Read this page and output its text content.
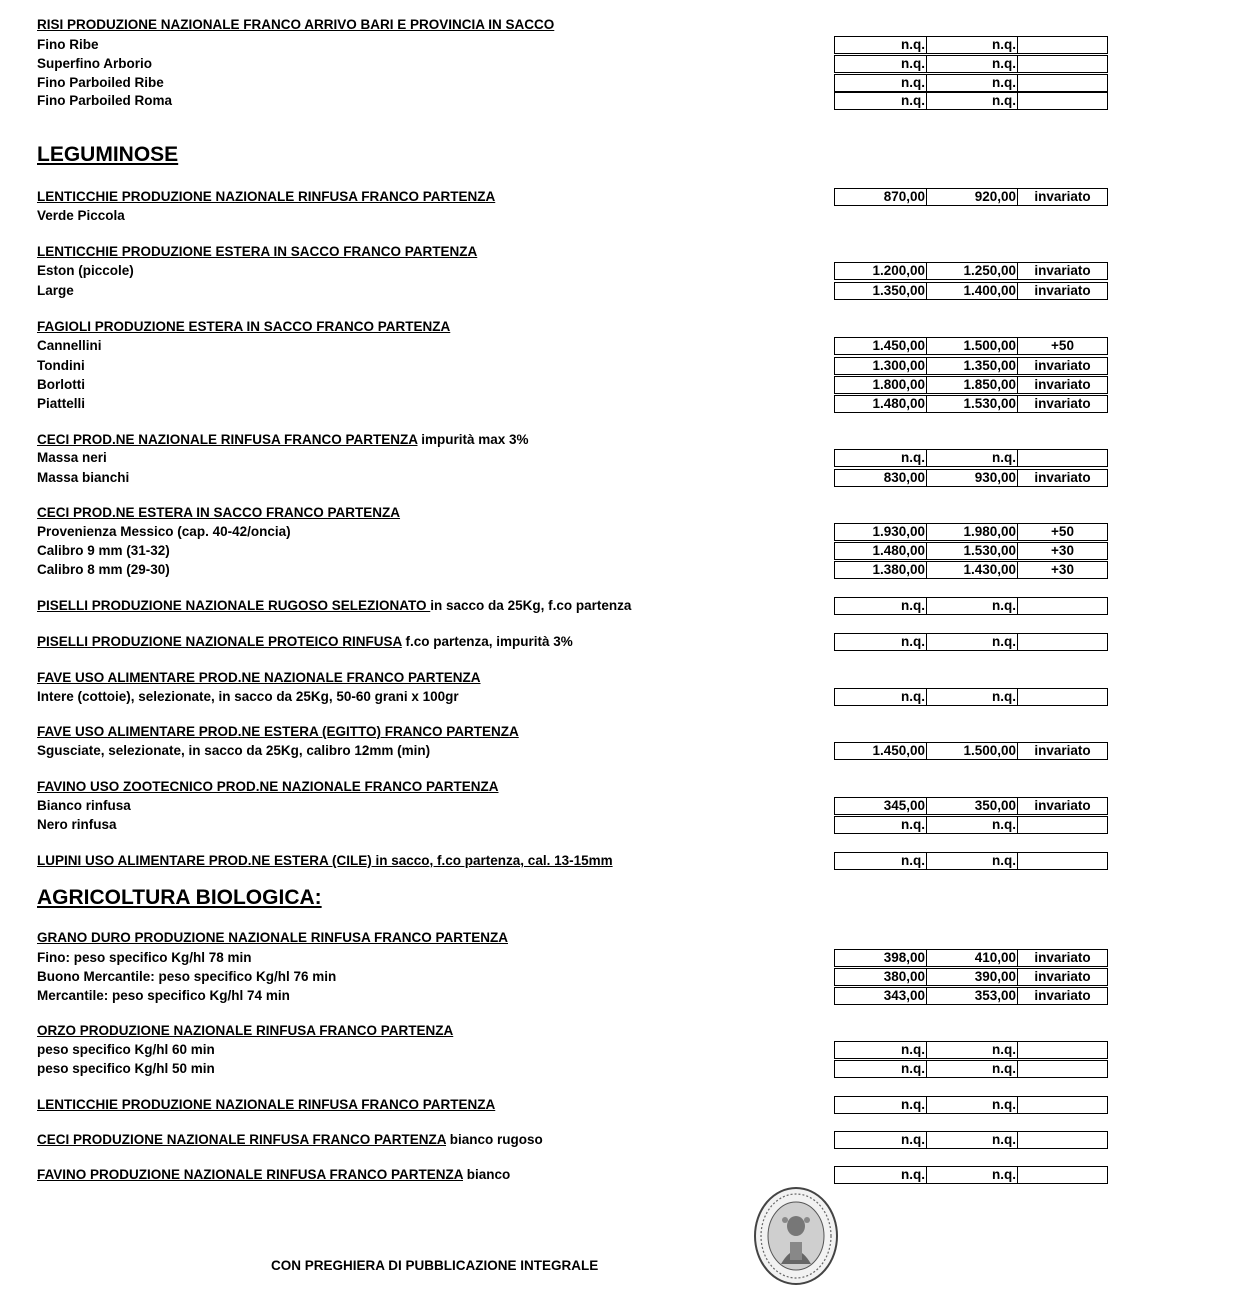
RISI PRODUZIONE NAZIONALE FRANCO ARRIVO BARI E PROVINCIA IN SACCO
Fino Ribe	n.q.	n.q.
Superfino Arborio	n.q.	n.q.
Fino Parboiled Ribe	n.q.	n.q.
Fino Parboiled Roma	n.q.	n.q.
LEGUMINOSE
LENTICCHIE PRODUZIONE NAZIONALE RINFUSA FRANCO PARTENZA	870,00	920,00	invariato
Verde Piccola
LENTICCHIE PRODUZIONE ESTERA IN SACCO FRANCO PARTENZA
Eston (piccole)	1.200,00	1.250,00	invariato
Large	1.350,00	1.400,00	invariato
FAGIOLI PRODUZIONE ESTERA IN SACCO FRANCO PARTENZA
Cannellini	1.450,00	1.500,00	+50
Tondini	1.300,00	1.350,00	invariato
Borlotti	1.800,00	1.850,00	invariato
Piattelli	1.480,00	1.530,00	invariato
CECI PROD.NE NAZIONALE RINFUSA FRANCO PARTENZA impurità max 3%
Massa neri	n.q.	n.q.
Massa bianchi	830,00	930,00	invariato
CECI PROD.NE ESTERA IN SACCO FRANCO PARTENZA
Provenienza Messico (cap. 40-42/oncia)	1.930,00	1.980,00	+50
Calibro 9 mm (31-32)	1.480,00	1.530,00	+30
Calibro 8 mm (29-30)	1.380,00	1.430,00	+30
PISELLI PRODUZIONE NAZIONALE RUGOSO SELEZIONATO in sacco da 25Kg, f.co partenza	n.q.	n.q.
PISELLI PRODUZIONE NAZIONALE PROTEICO RINFUSA f.co partenza, impurità 3%	n.q.	n.q.
FAVE USO ALIMENTARE PROD.NE NAZIONALE FRANCO PARTENZA
Intere (cottoie), selezionate, in sacco da 25Kg, 50-60 grani x 100gr	n.q.	n.q.
FAVE USO ALIMENTARE PROD.NE ESTERA (EGITTO) FRANCO PARTENZA
Sgusciate, selezionate, in sacco da 25Kg, calibro 12mm (min)	1.450,00	1.500,00	invariato
FAVINO USO ZOOTECNICO PROD.NE NAZIONALE FRANCO PARTENZA
Bianco rinfusa	345,00	350,00	invariato
Nero rinfusa	n.q.	n.q.
LUPINI USO ALIMENTARE PROD.NE ESTERA (CILE) in sacco, f.co partenza, cal. 13-15mm	n.q.	n.q.
AGRICOLTURA BIOLOGICA:
GRANO DURO PRODUZIONE NAZIONALE RINFUSA FRANCO PARTENZA
Fino: peso specifico Kg/hl 78 min	398,00	410,00	invariato
Buono Mercantile: peso specifico Kg/hl 76 min	380,00	390,00	invariato
Mercantile: peso specifico Kg/hl 74 min	343,00	353,00	invariato
ORZO PRODUZIONE NAZIONALE RINFUSA FRANCO PARTENZA
peso specifico Kg/hl 60 min	n.q.	n.q.
peso specifico Kg/hl 50 min	n.q.	n.q.
LENTICCHIE PRODUZIONE NAZIONALE RINFUSA FRANCO PARTENZA	n.q.	n.q.
CECI PRODUZIONE NAZIONALE RINFUSA FRANCO PARTENZA bianco rugoso	n.q.	n.q.
FAVINO PRODUZIONE NAZIONALE RINFUSA FRANCO PARTENZA bianco	n.q.	n.q.
CON PREGHIERA DI PUBBLICAZIONE INTEGRALE
